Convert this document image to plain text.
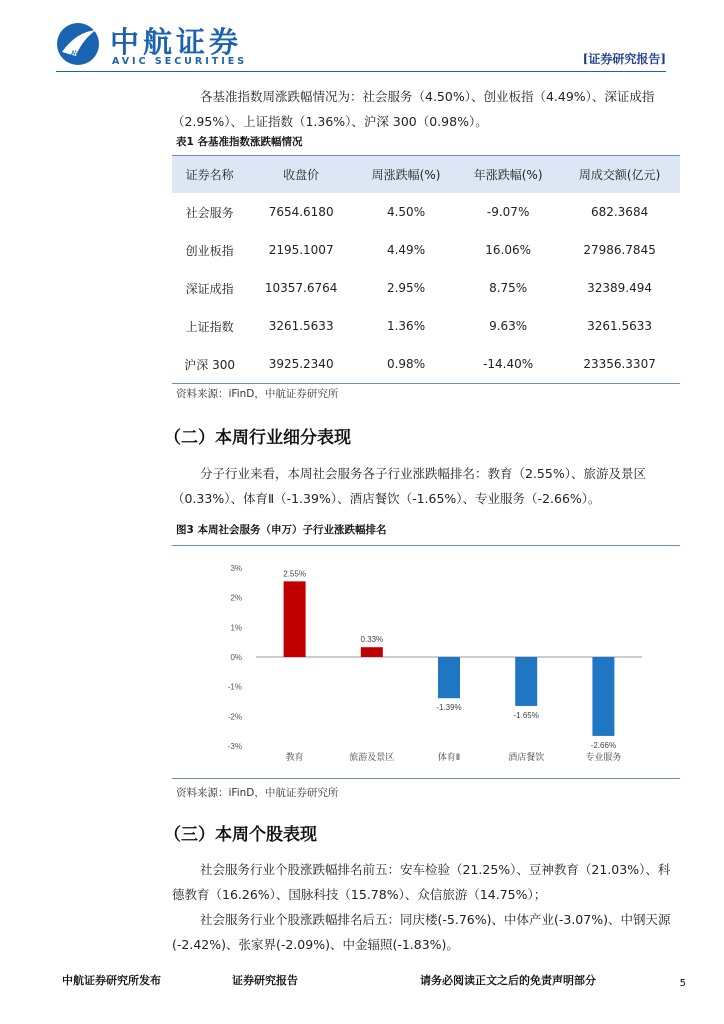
AVIC 中航证券
AVIC SECURITIES	[证券研究报告]

各基准指数周涨跌幅情况为：社会服务（4.50%）、创业板指（4.49%）、深证成指（2.95%）、上证指数（1.36%）、沪深 300（0.98%）。

表1 各基准指数涨跌幅情况
证券名称	收盘价	周涨跌幅(%)	年涨跌幅(%)	周成交额(亿元)
社会服务	7654.6180	4.50%	-9.07%	682.3684
创业板指	2195.1007	4.49%	16.06%	27986.7845
深证成指	10357.6764	2.95%	8.75%	32389.494
上证指数	3261.5633	1.36%	9.63%	3261.5633
沪深 300	3925.2340	0.98%	-14.40%	23356.3307
资料来源：iFinD，中航证券研究所
（二）本周行业细分表现

分子行业来看，本周社会服务各子行业涨跌幅排名：教育（2.55%）、旅游及景区（0.33%）、体育Ⅱ（-1.39%）、酒店餐饮（-1.65%）、专业服务（-2.66%）。

图3 本周社会服务（申万）子行业涨跌幅排名
3%
2%
1%
0%
-1%
-2%
-3%
2.55%
教育
0.33%
旅游及景区
-1.39%
体育Ⅱ
-1.65%
酒店餐饮
-2.66%
专业服务
资料来源：iFinD，中航证券研究所
（三）本周个股表现

社会服务行业个股涨跌幅排名前五：安车检验（21.25%）、豆神教育（21.03%）、科德教育（16.26%）、国脉科技（15.78%）、众信旅游（14.75%）；

社会服务行业个股涨跌幅排名后五：同庆楼(-5.76%)、中体产业(-3.07%)、中钢天源(-2.42%)、张家界(-2.09%)、中金辐照(-1.83%)。

中航证券研究所发布	证券研究报告	请务必阅读正文之后的免责声明部分	5
